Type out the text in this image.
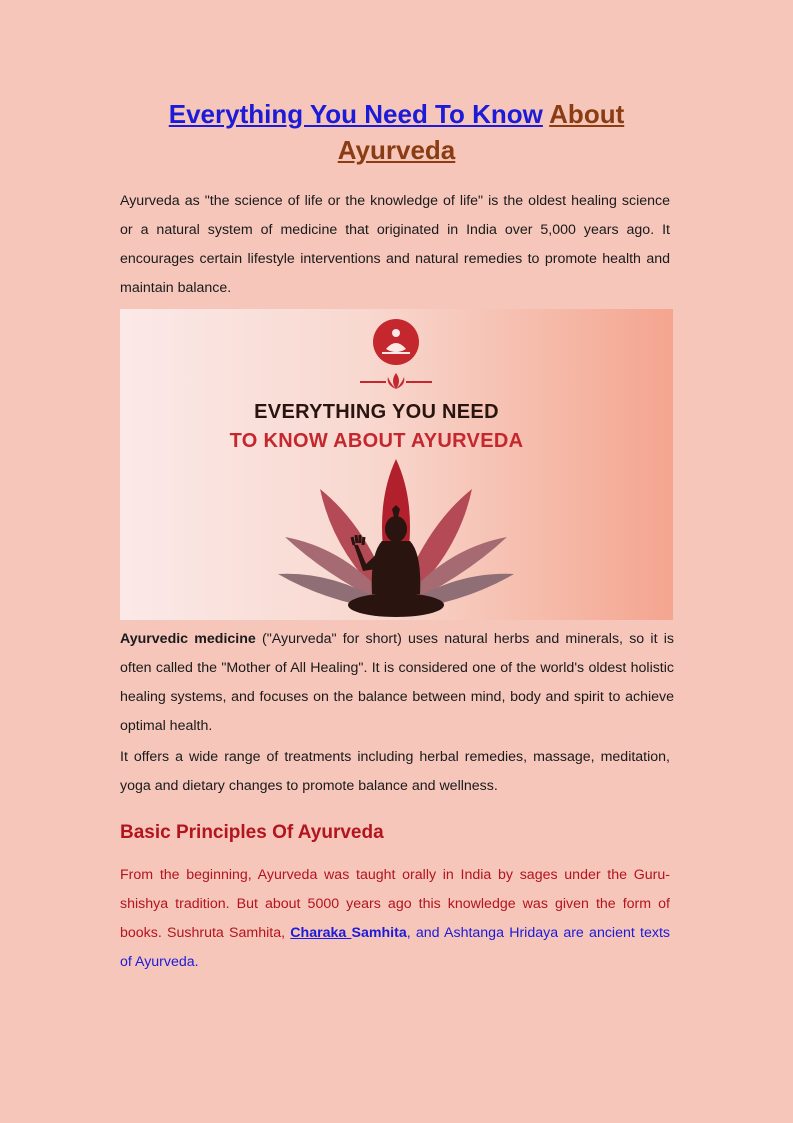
Everything You Need To Know About
Ayurveda
Ayurveda as "the science of life or the knowledge of life" is the oldest healing science or a natural system of medicine that originated in India over 5,000 years ago. It encourages certain lifestyle interventions and natural remedies to promote health and maintain balance.
EVERYTHING YOU NEED
TO KNOW ABOUT AYURVEDA
Ayurvedic medicine ("Ayurveda" for short) uses natural herbs and minerals, so it is often called the "Mother of All Healing". It is considered one of the world's oldest holistic healing systems, and focuses on the balance between mind, body and spirit to achieve optimal health.
It offers a wide range of treatments including herbal remedies, massage, meditation, yoga and dietary changes to promote balance and wellness.
Basic Principles Of Ayurveda
From the beginning, Ayurveda was taught orally in India by sages under the Guru-shishya tradition. But about 5000 years ago this knowledge was given the form of books. Sushruta Samhita, Charaka Samhita, and Ashtanga Hridaya are ancient texts of Ayurveda.
